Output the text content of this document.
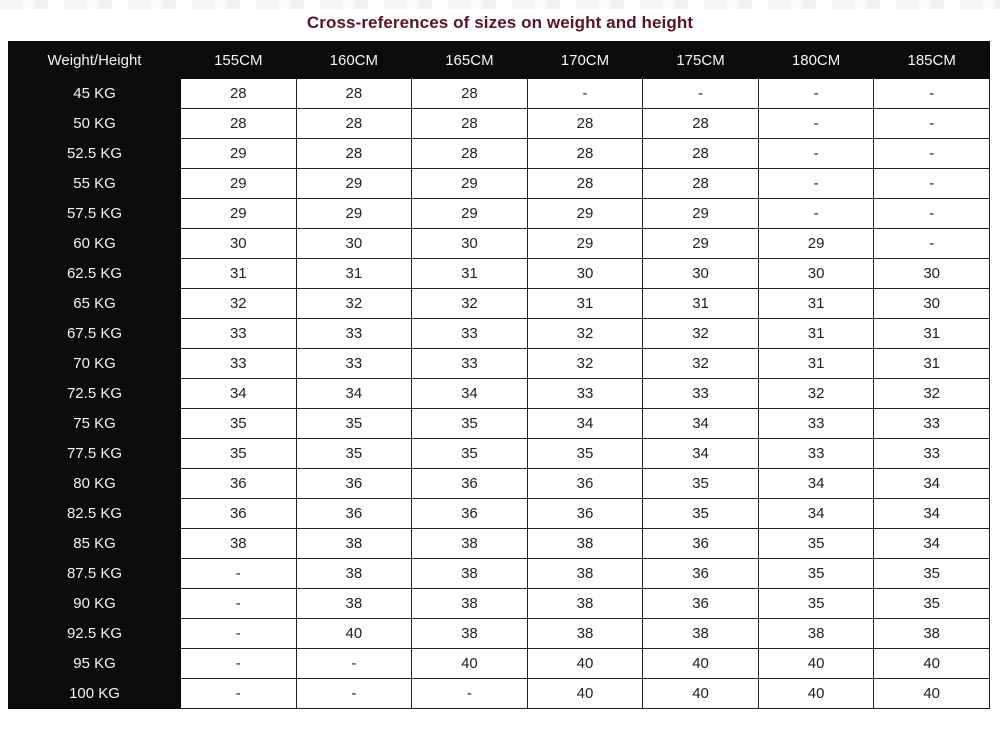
Cross-references of sizes on weight and height
Weight/Height	155CM	160CM	165CM	170CM	175CM	180CM	185CM
45 KG	28	28	28	-	-	-	-
50 KG	28	28	28	28	28	-	-
52.5 KG	29	28	28	28	28	-	-
55 KG	29	29	29	28	28	-	-
57.5 KG	29	29	29	29	29	-	-
60 KG	30	30	30	29	29	29	-
62.5 KG	31	31	31	30	30	30	30
65 KG	32	32	32	31	31	31	30
67.5 KG	33	33	33	32	32	31	31
70 KG	33	33	33	32	32	31	31
72.5 KG	34	34	34	33	33	32	32
75 KG	35	35	35	34	34	33	33
77.5 KG	35	35	35	35	34	33	33
80 KG	36	36	36	36	35	34	34
82.5 KG	36	36	36	36	35	34	34
85 KG	38	38	38	38	36	35	34
87.5 KG	-	38	38	38	36	35	35
90 KG	-	38	38	38	36	35	35
92.5 KG	-	40	38	38	38	38	38
95 KG	-	-	40	40	40	40	40
100 KG	-	-	-	40	40	40	40
